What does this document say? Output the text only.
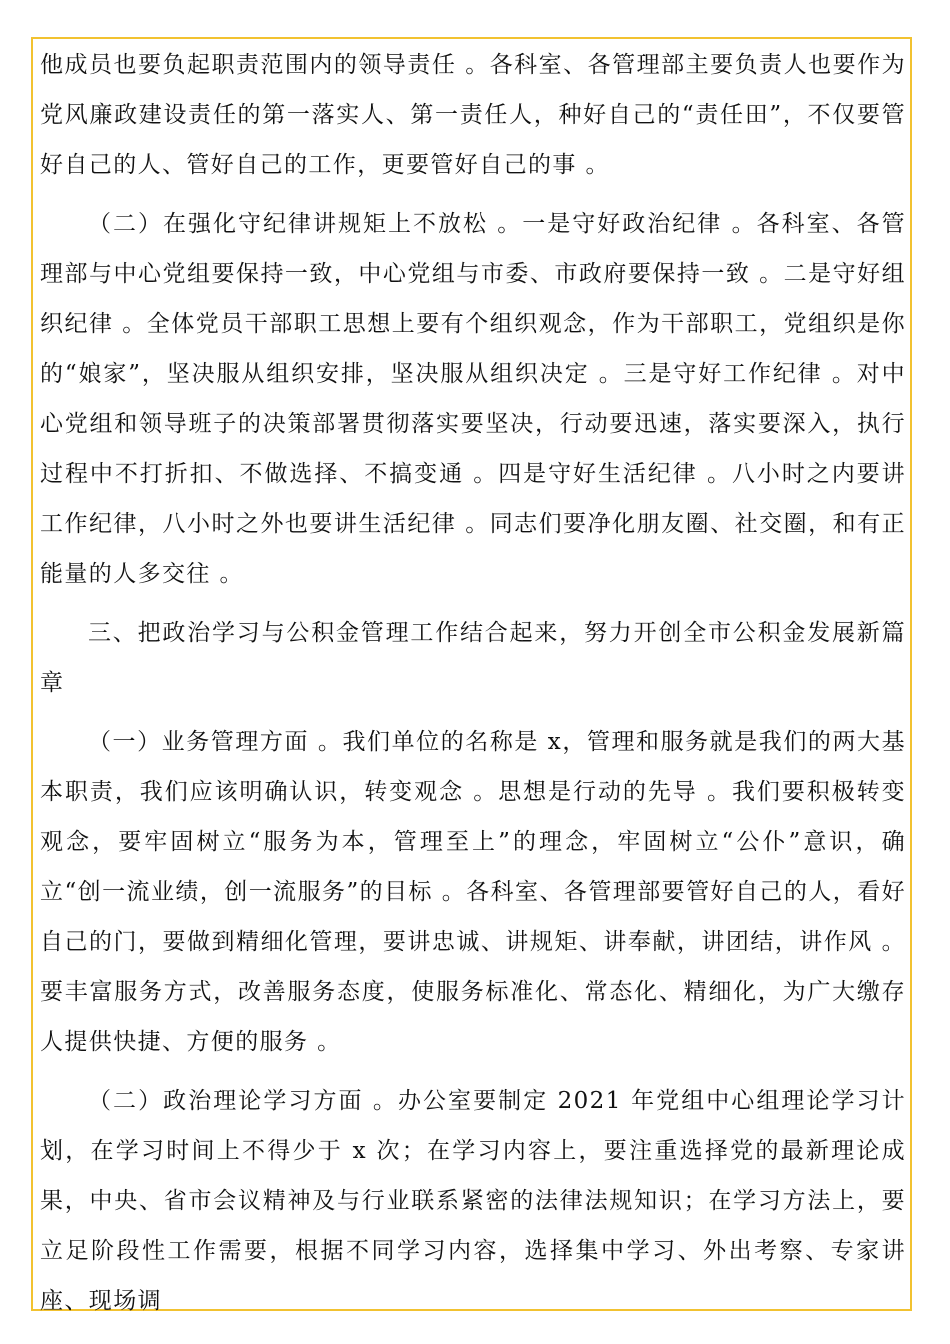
他成员也要负起职责范围内的领导责任 。各科室、各管理部主要负责人也要作为党风廉政建设责任的第一落实人、第一责任人，种好自己的“责任田”，不仅要管好自己的人、管好自己的工作，更要管好自己的事 。

（二）在强化守纪律讲规矩上不放松 。一是守好政治纪律 。各科室、各管理部与中心党组要保持一致，中心党组与市委、市政府要保持一致 。二是守好组织纪律 。全体党员干部职工思想上要有个组织观念，作为干部职工，党组织是你的“娘家”，坚决服从组织安排，坚决服从组织决定 。三是守好工作纪律 。对中心党组和领导班子的决策部署贯彻落实要坚决，行动要迅速，落实要深入，执行过程中不打折扣、不做选择、不搞变通 。四是守好生活纪律 。八小时之内要讲工作纪律，八小时之外也要讲生活纪律 。同志们要净化朋友圈、社交圈，和有正能量的人多交往 。

三、把政治学习与公积金管理工作结合起来，努力开创全市公积金发展新篇章

（一）业务管理方面 。我们单位的名称是 x，管理和服务就是我们的两大基本职责，我们应该明确认识，转变观念 。思想是行动的先导 。我们要积极转变观念，要牢固树立“服务为本，管理至上”的理念，牢固树立“公仆”意识，确立“创一流业绩，创一流服务”的目标 。各科室、各管理部要管好自己的人，看好自己的门，要做到精细化管理，要讲忠诚、讲规矩、讲奉献，讲团结，讲作风 。要丰富服务方式，改善服务态度，使服务标准化、常态化、精细化，为广大缴存人提供快捷、方便的服务 。

（二）政治理论学习方面 。办公室要制定 2021 年党组中心组理论学习计划，在学习时间上不得少于 x 次；在学习内容上，要注重选择党的最新理论成果，中央、省市会议精神及与行业联系紧密的法律法规知识；在学习方法上，要立足阶段性工作需要，根据不同学习内容，选择集中学习、外出考察、专家讲座、现场调
